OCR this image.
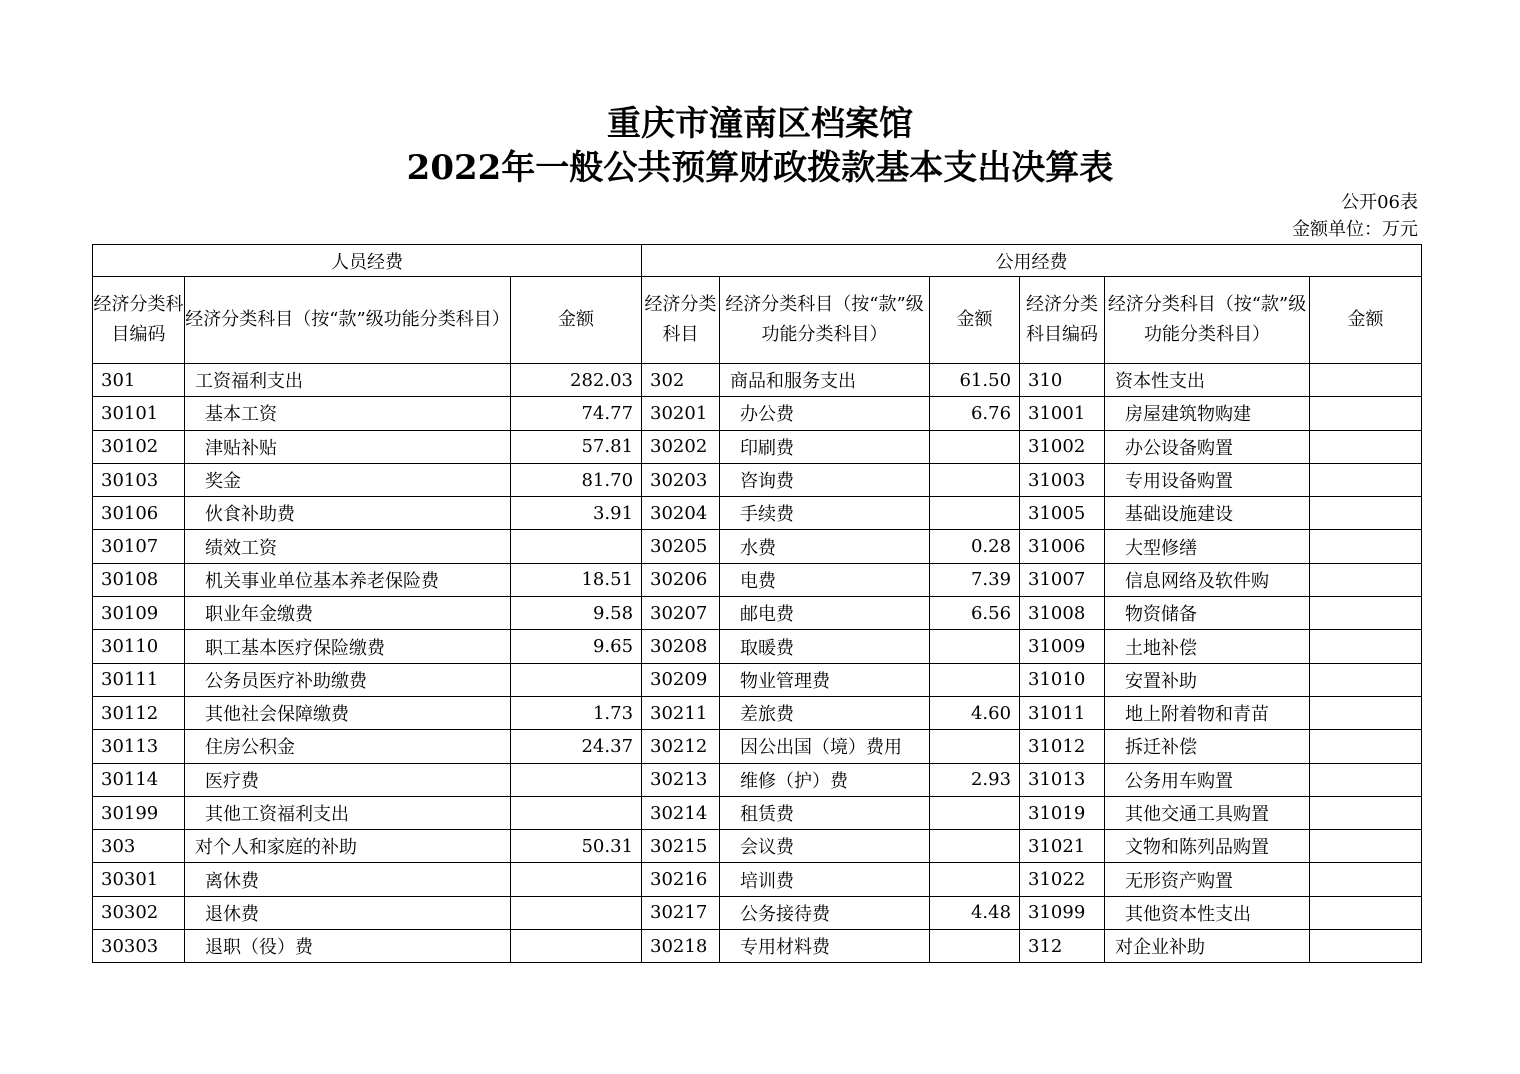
重庆市潼南区档案馆
2022年一般公共预算财政拨款基本支出决算表
公开06表
金额单位：万元
人员经费			公用经费					
经济分类科目编码	经济分类科目（按“款”级功能分类科目）	金额	经济分类科目	经济分类科目（按“款”级功能分类科目）	金额	经济分类科目编码	经济分类科目（按“款”级功能分类科目）	金额
301	工资福利支出	282.03	302	商品和服务支出	61.50	310	资本性支出	
30101	基本工资	74.77	30201	办公费	6.76	31001	房屋建筑物购建	
30102	津贴补贴	57.81	30202	印刷费		31002	办公设备购置	
30103	奖金	81.70	30203	咨询费		31003	专用设备购置	
30106	伙食补助费	3.91	30204	手续费		31005	基础设施建设	
30107	绩效工资		30205	水费	0.28	31006	大型修缮	
30108	机关事业单位基本养老保险费	18.51	30206	电费	7.39	31007	信息网络及软件购	
30109	职业年金缴费	9.58	30207	邮电费	6.56	31008	物资储备	
30110	职工基本医疗保险缴费	9.65	30208	取暖费		31009	土地补偿	
30111	公务员医疗补助缴费		30209	物业管理费		31010	安置补助	
30112	其他社会保障缴费	1.73	30211	差旅费	4.60	31011	地上附着物和青苗	
30113	住房公积金	24.37	30212	因公出国（境）费用		31012	拆迁补偿	
30114	医疗费		30213	维修（护）费	2.93	31013	公务用车购置	
30199	其他工资福利支出		30214	租赁费		31019	其他交通工具购置	
303	对个人和家庭的补助	50.31	30215	会议费		31021	文物和陈列品购置	
30301	离休费		30216	培训费		31022	无形资产购置	
30302	退休费		30217	公务接待费	4.48	31099	其他资本性支出	
30303	退职（役）费		30218	专用材料费		312	对企业补助	
